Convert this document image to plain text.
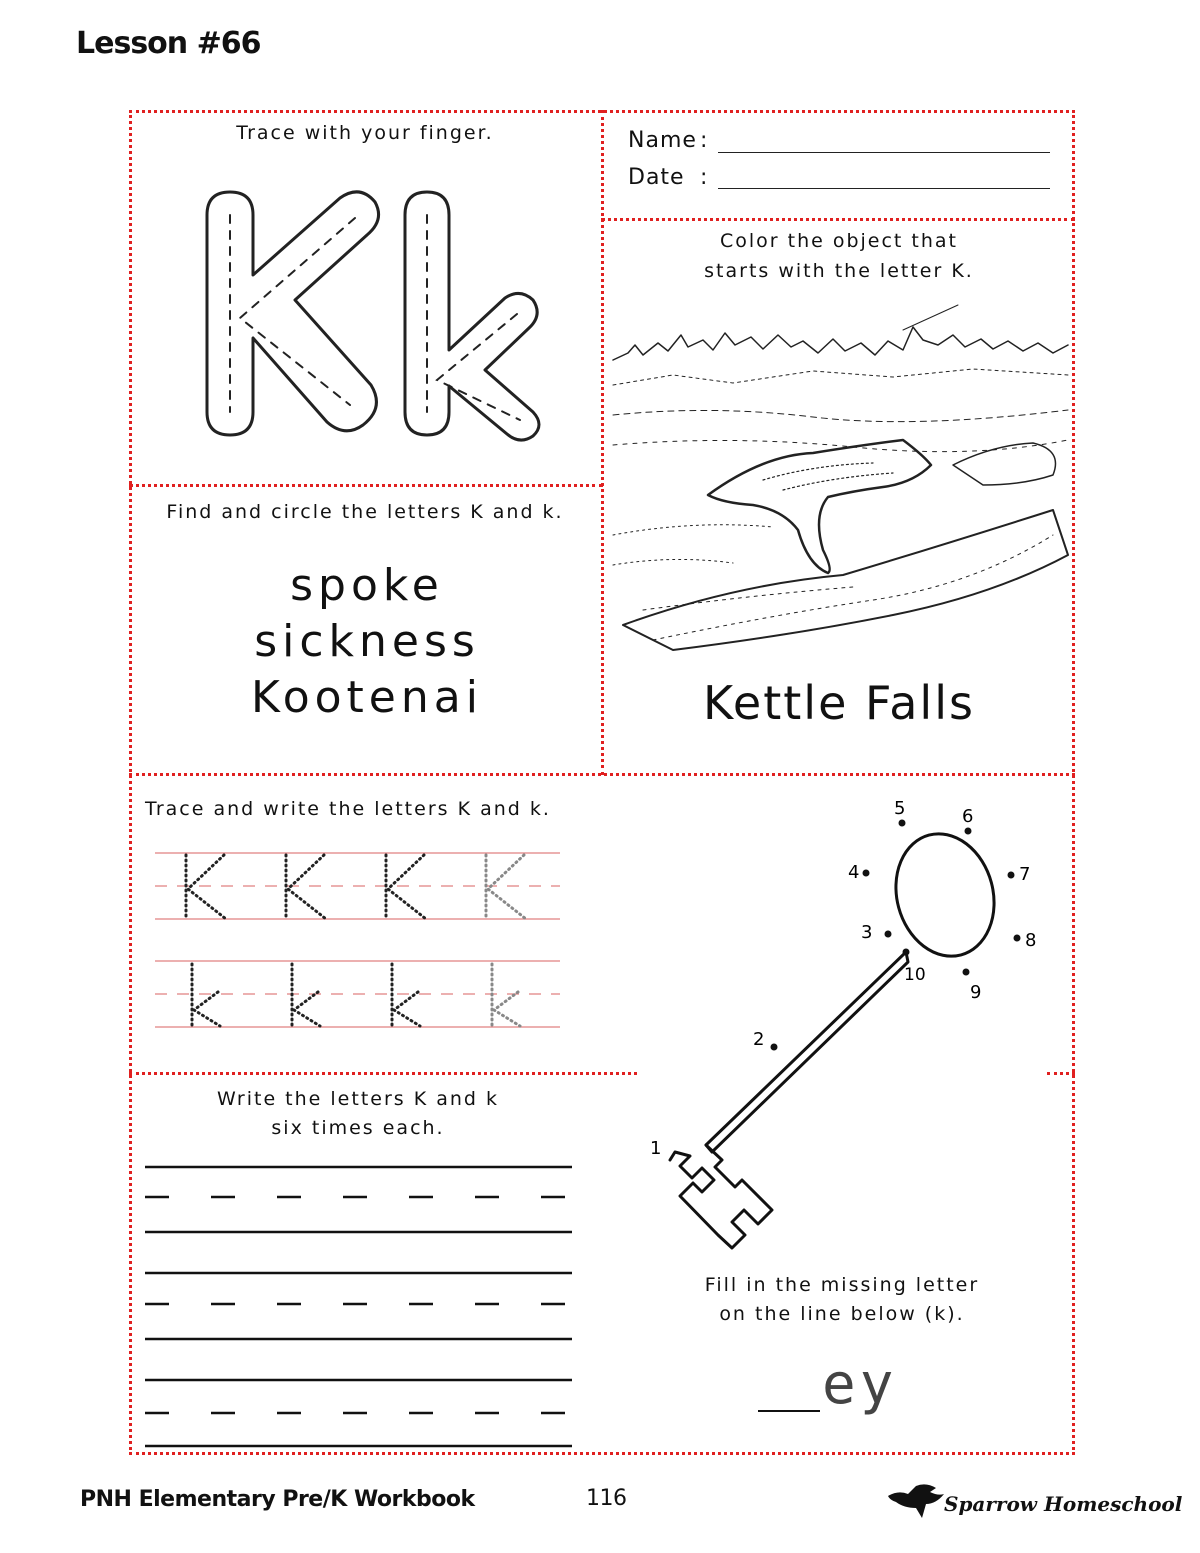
Lesson #66
Trace with your finger.	Name :
Date :
Color the object that
starts with the letter K.
Kettle Falls
Find and circle the letters K and k.
spoke
sickness
Kootenai
Trace and write the letters K and k.
Write the letters K and k
six times each.
5	6
4	7
3	8
10
9
2
1
Fill in the missing letter
on the line below (k).
ey
PNH Elementary Pre/K Workbook	116	Sparrow Homeschool
